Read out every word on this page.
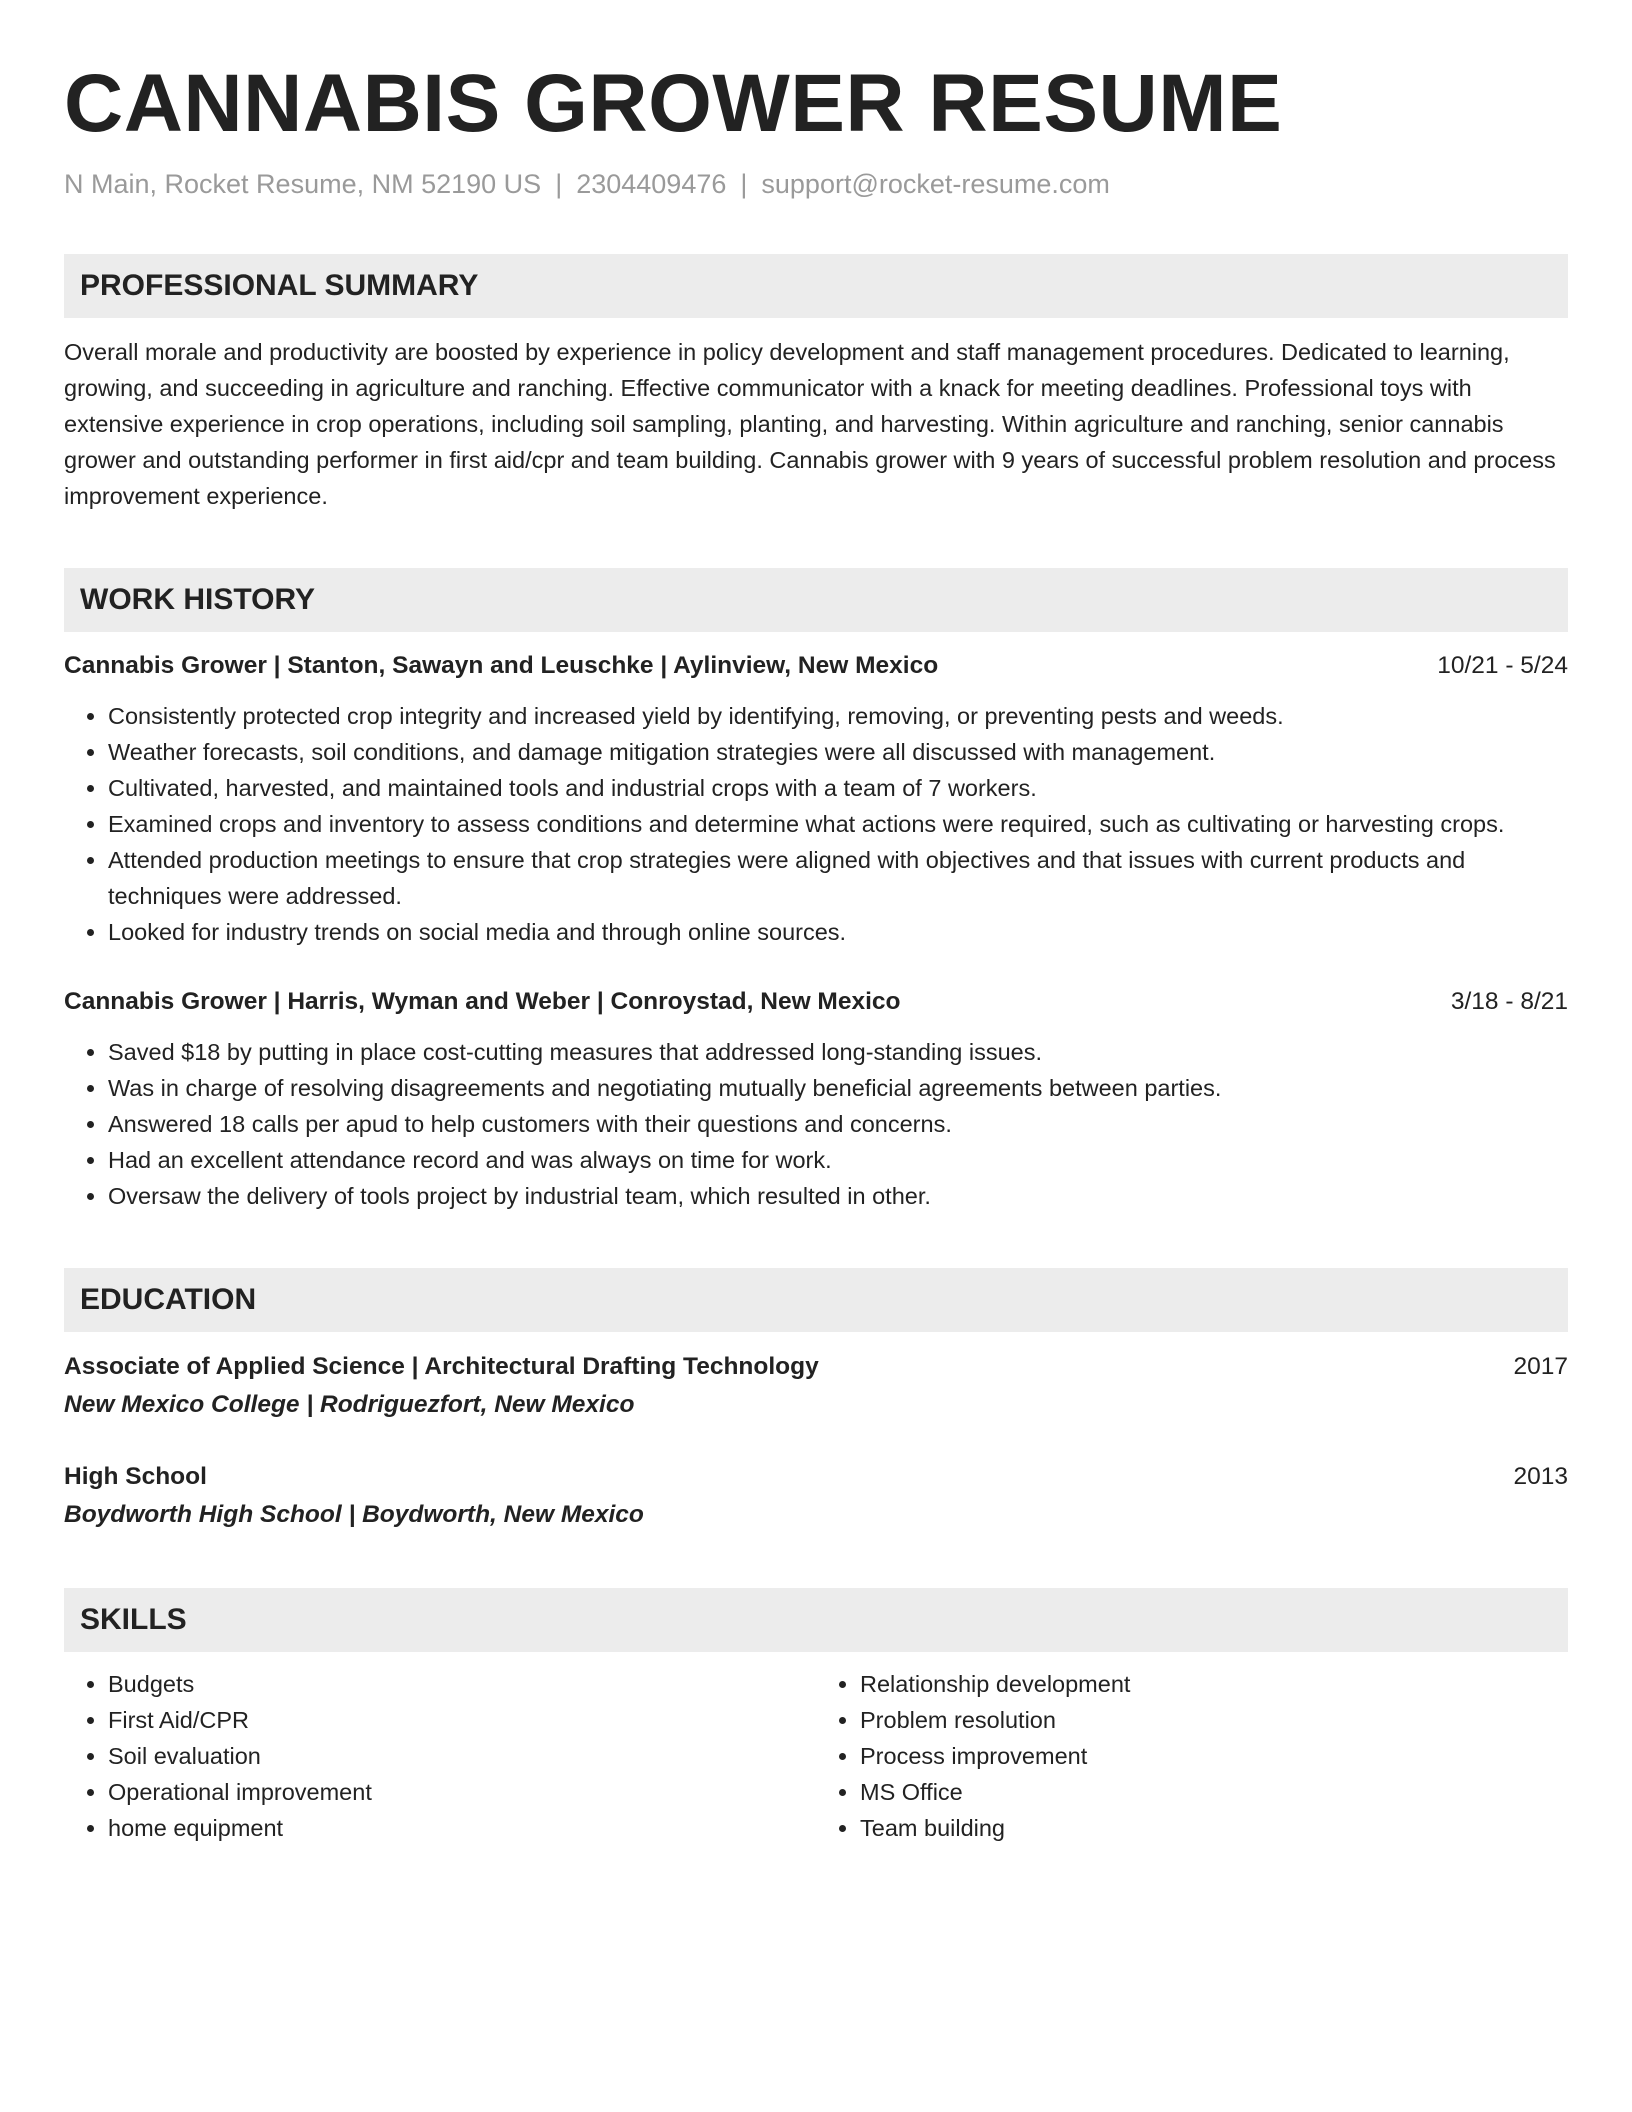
CANNABIS GROWER RESUME
N Main, Rocket Resume, NM 52190 US | 2304409476 | support@rocket-resume.com
PROFESSIONAL SUMMARY
Overall morale and productivity are boosted by experience in policy development and staff management procedures. Dedicated to learning, growing, and succeeding in agriculture and ranching. Effective communicator with a knack for meeting deadlines. Professional toys with extensive experience in crop operations, including soil sampling, planting, and harvesting. Within agriculture and ranching, senior cannabis grower and outstanding performer in first aid/cpr and team building. Cannabis grower with 9 years of successful problem resolution and process improvement experience.
WORK HISTORY
Cannabis Grower | Stanton, Sawayn and Leuschke | Aylinview, New Mexico	10/21 - 5/24
• Consistently protected crop integrity and increased yield by identifying, removing, or preventing pests and weeds.
• Weather forecasts, soil conditions, and damage mitigation strategies were all discussed with management.
• Cultivated, harvested, and maintained tools and industrial crops with a team of 7 workers.
• Examined crops and inventory to assess conditions and determine what actions were required, such as cultivating or harvesting crops.
• Attended production meetings to ensure that crop strategies were aligned with objectives and that issues with current products and techniques were addressed.
• Looked for industry trends on social media and through online sources.
Cannabis Grower | Harris, Wyman and Weber | Conroystad, New Mexico	3/18 - 8/21
• Saved $18 by putting in place cost-cutting measures that addressed long-standing issues.
• Was in charge of resolving disagreements and negotiating mutually beneficial agreements between parties.
• Answered 18 calls per apud to help customers with their questions and concerns.
• Had an excellent attendance record and was always on time for work.
• Oversaw the delivery of tools project by industrial team, which resulted in other.
EDUCATION
Associate of Applied Science | Architectural Drafting Technology	2017
New Mexico College | Rodriguezfort, New Mexico
High School	2013
Boydworth High School | Boydworth, New Mexico
SKILLS
• Budgets
• First Aid/CPR
• Soil evaluation
• Operational improvement
• home equipment
• Relationship development
• Problem resolution
• Process improvement
• MS Office
• Team building
